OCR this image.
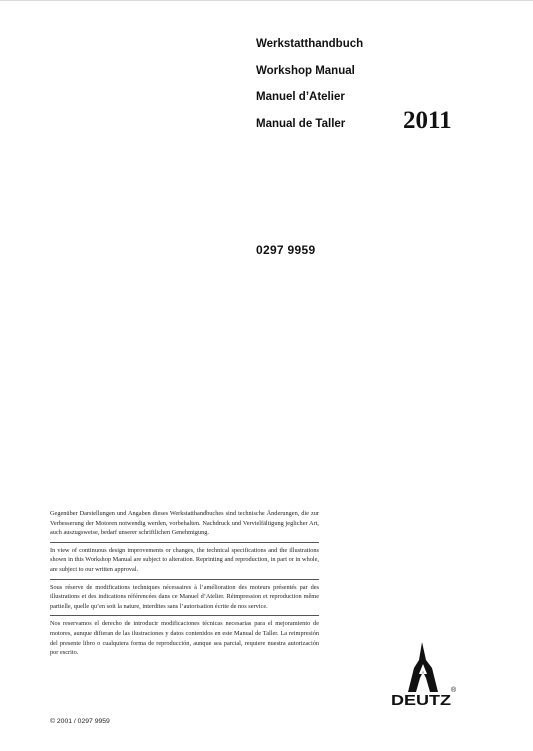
Werkstatthandbuch
Workshop Manual
Manuel d’Atelier
Manual de Taller	2011
0297 9959
Gegenüber Darstellungen und Angaben dieses Werkstatthandbuches sind technische Änderungen, die zur Verbesserung der Motoren notwendig werden, vorbehalten. Nachdruck und Vervielfältigung jeglicher Art, auch auszugsweise, bedarf unserer schriftlichen Genehmigung.
In view of continuous design improvements or changes, the technical specifications and the illustrations shown in this Workshop Manual are subject to alteration. Reprinting and reproduction, in part or in whole, are subject to our written approval.
Sous réserve de modifications techniques nécessaires à l’amélioration des moteurs présentés par des illustrations et des indications référencées dans ce Manuel d’Atelier. Réimpression et reproduction même partielle, quelle qu’en soit la nature, interdites sans l’autorisation écrite de nos service.
Nos reservamos el derecho de introducir modificaciones técnicas necesarias para el mejoramiento de motores, aunque difieran de las ilustraciones y datos contenidos en este Manual de Taller. La reimpresión del presente libro o cualquiera forma de reproducción, aunque sea parcial, requiere nuestra autorización por escrito.
© 2001 / 0297 9959
DEUTZ
®
